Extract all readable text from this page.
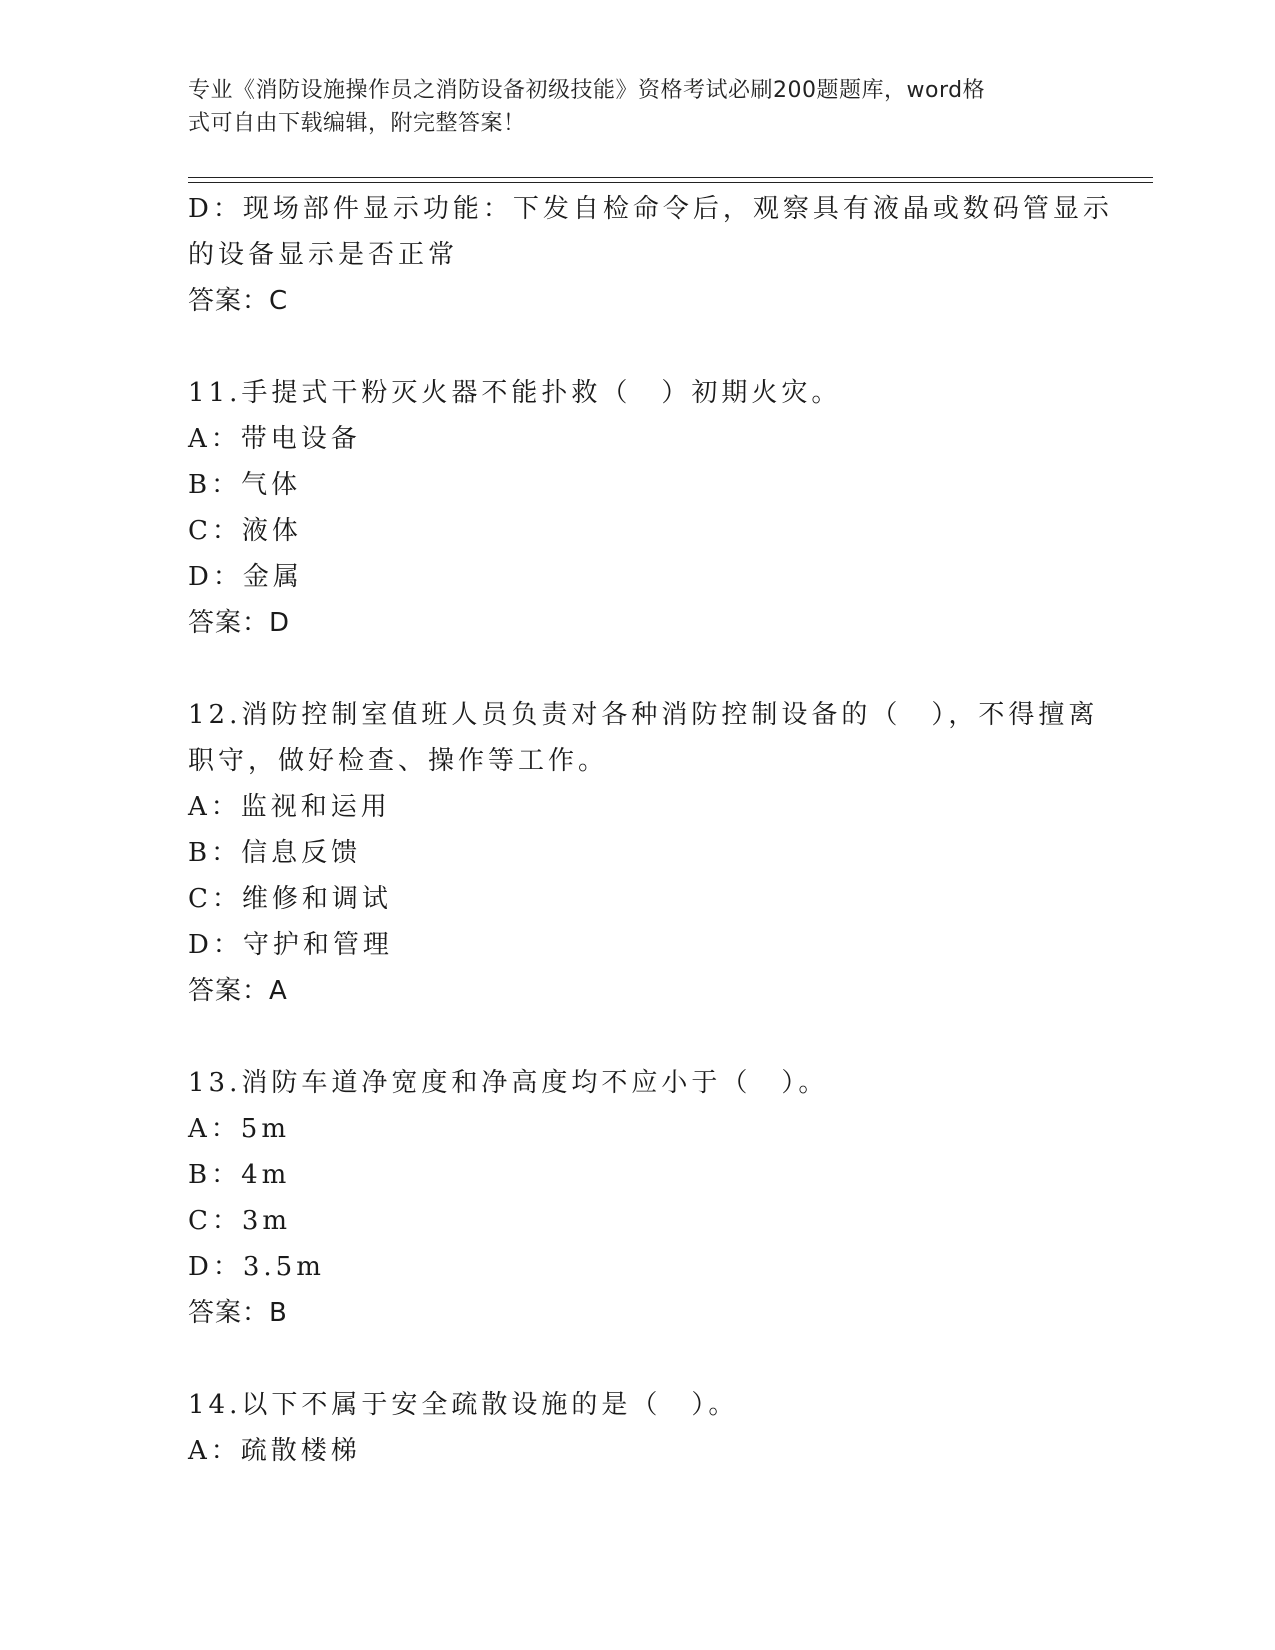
专业《消防设施操作员之消防设备初级技能》资格考试必刷200题题库，word格
式可自由下载编辑，附完整答案！
D：现场部件显示功能：下发自检命令后，观察具有液晶或数码管显示
的设备显示是否正常
答案：C
11.手提式干粉灭火器不能扑救（　）初期火灾。
A：带电设备
B：气体
C：液体
D：金属
答案：D
12.消防控制室值班人员负责对各种消防控制设备的（　），不得擅离
职守，做好检查、操作等工作。
A：监视和运用
B：信息反馈
C：维修和调试
D：守护和管理
答案：A
13.消防车道净宽度和净高度均不应小于（　）。
A：5m
B：4m
C：3m
D：3.5m
答案：B
14.以下不属于安全疏散设施的是（　）。
A：疏散楼梯
